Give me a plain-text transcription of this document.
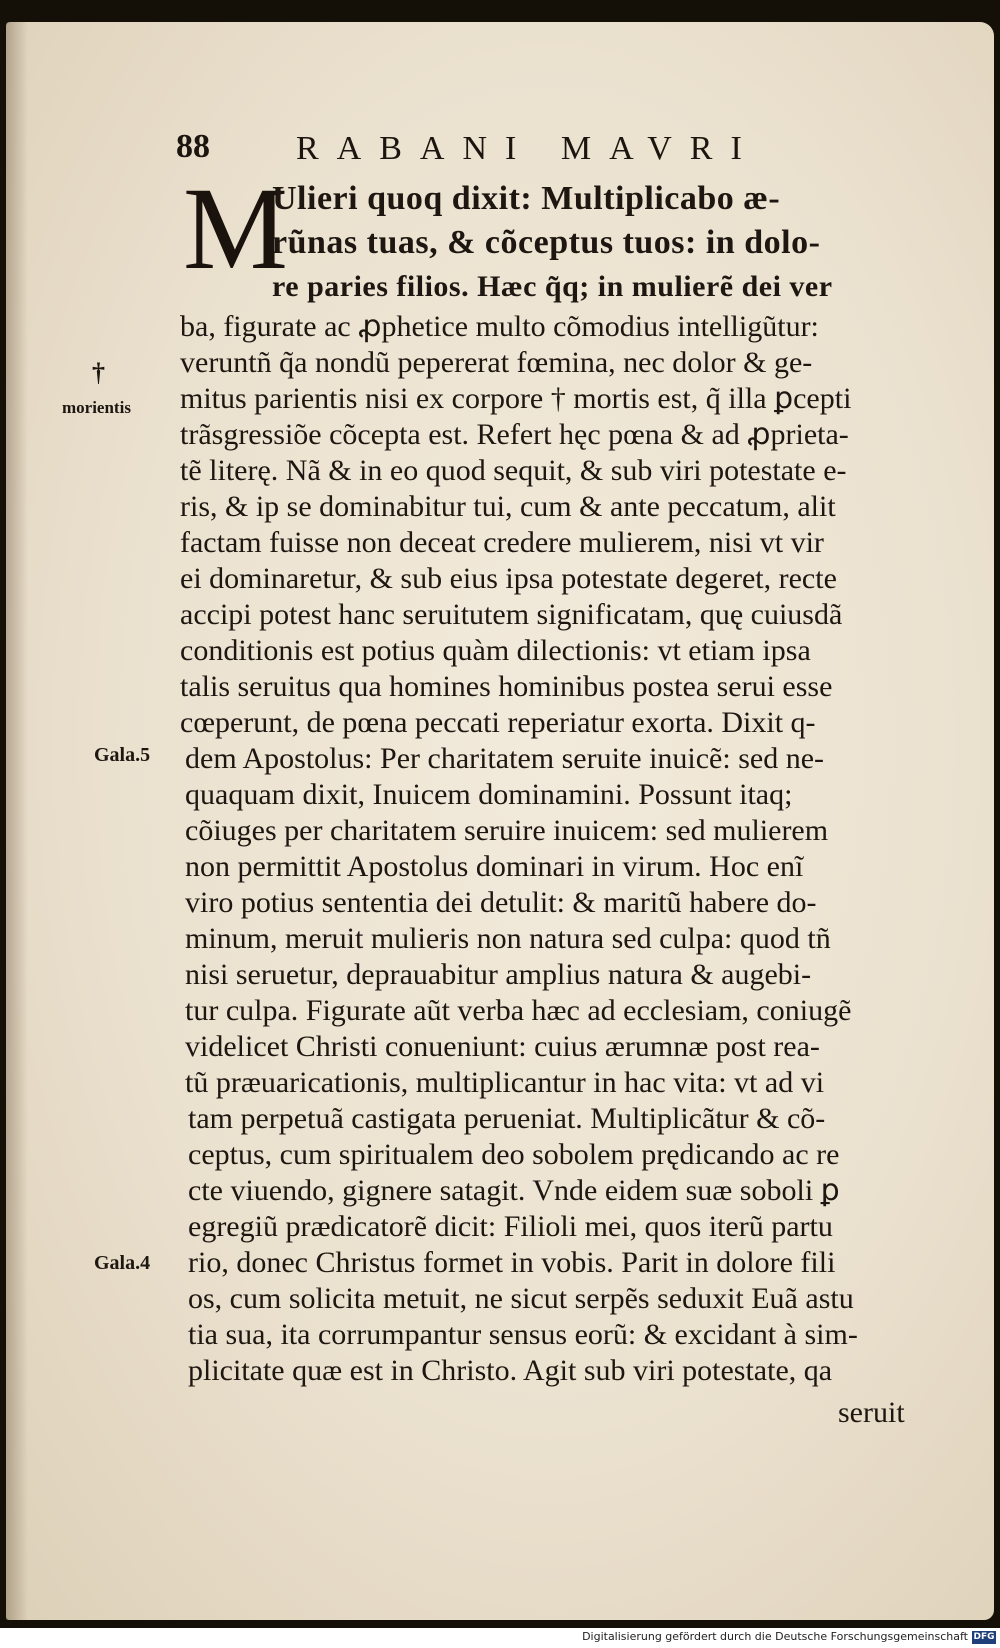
88	RABANI MAVRI
M
Ulieri quoq dixit: Multiplicabo æ-
rũnas tuas, & cõceptus tuos: in dolo-
re paries filios. Hæc q̃q; in mulierẽ dei ver
ba, figurate ac ꝓphetice multo cõmodius intelligũtur:
veruntñ q̃a nondũ pepererat fœmina, nec dolor & ge-
mitus parientis nisi ex corpore † mortis est, q̃ illa ꝑcepti
trãsgressiõe cõcepta est. Refert hęc pœna & ad ꝓprieta-
tẽ literę. Nã & in eo quod sequit, & sub viri potestate e-
ris, & ip se dominabitur tui, cum & ante peccatum, alit
factam fuisse non deceat credere mulierem, nisi vt vir
ei dominaretur, & sub eius ipsa potestate degeret, recte
accipi potest hanc seruitutem significatam, quę cuiusdã
conditionis est potius quàm dilectionis: vt etiam ipsa
talis seruitus qua homines hominibus postea serui esse
cœperunt, de pœna peccati reperiatur exorta. Dixit q-
dem Apostolus: Per charitatem seruite inuicẽ: sed ne-
quaquam dixit, Inuicem dominamini. Possunt itaq;
cõiuges per charitatem seruire inuicem: sed mulierem
non permittit Apostolus dominari in virum. Hoc enĩ
viro potius sententia dei detulit: & maritũ habere do-
minum, meruit mulieris non natura sed culpa: quod tñ
nisi seruetur, deprauabitur amplius natura & augebi-
tur culpa. Figurate aũt verba hæc ad ecclesiam, coniugẽ
videlicet Christi conueniunt: cuius ærumnæ post rea-
tũ præuaricationis, multiplicantur in hac vita: vt ad vi
tam perpetuã castigata perueniat. Multiplicãtur & cõ-
ceptus, cum spiritualem deo sobolem prędicando ac re
cte viuendo, gignere satagit. Vnde eidem suæ soboli ꝑ
egregiũ prædicatorẽ dicit: Filioli mei, quos iterũ partu
rio, donec Christus formet in vobis. Parit in dolore fili
os, cum solicita metuit, ne sicut serpẽs seduxit Euã astu
tia sua, ita corrumpantur sensus eorũ: & excidant à sim-
plicitate quæ est in Christo. Agit sub viri potestate, qa
seruit
†
morientis
Gala.5
Gala.4
Digitalisierung gefördert durch die Deutsche Forschungsgemeinschaft DFG
